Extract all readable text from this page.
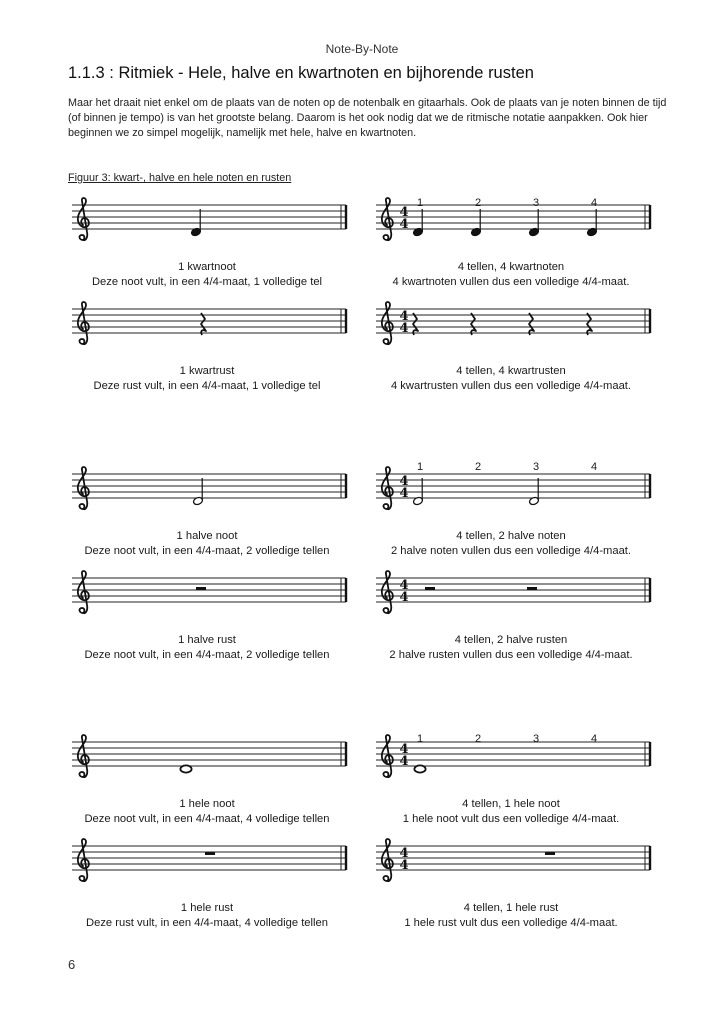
Note-By-Note
1.1.3 : Ritmiek - Hele, halve en kwartnoten en bijhorende rusten
Maar het draait niet enkel om de plaats van de noten op de notenbalk en gitaarhals. Ook de plaats van je noten binnen de tijd (of binnen je tempo) is van het grootste belang. Daarom is het ook nodig dat we de ritmische notatie aanpakken. Ook hier beginnen we zo simpel mogelijk, namelijk met hele, halve en kwartnoten.
Figuur 3: kwart-, halve en hele noten en rusten
1 kwartnoot
Deze noot vult, in een 4/4-maat, 1 volledige tel
4
4
4 tellen, 4 kwartnoten
4 kwartnoten vullen dus een volledige 4/4-maat.
1 kwartrust
Deze rust vult, in een 4/4-maat, 1 volledige tel
4
4
4 tellen, 4 kwartrusten
4 kwartrusten vullen dus een volledige 4/4-maat.
1 halve noot
Deze noot vult, in een 4/4-maat, 2 volledige tellen
4
4
4 tellen, 2 halve noten
2 halve noten vullen dus een volledige 4/4-maat.
1 halve rust
Deze noot vult, in een 4/4-maat, 2 volledige tellen
4
4
4 tellen, 2 halve rusten
2 halve rusten vullen dus een volledige 4/4-maat.
1 hele noot
Deze noot vult, in een 4/4-maat, 4 volledige tellen
4
4
4 tellen, 1 hele noot
1 hele noot vult dus een volledige 4/4-maat.
1 hele rust
Deze rust vult, in een 4/4-maat, 4 volledige tellen
4
4
4 tellen, 1 hele rust
1 hele rust vult dus een volledige 4/4-maat.
1	2	3	4
1	2	3	4
1	2	3	4
6
